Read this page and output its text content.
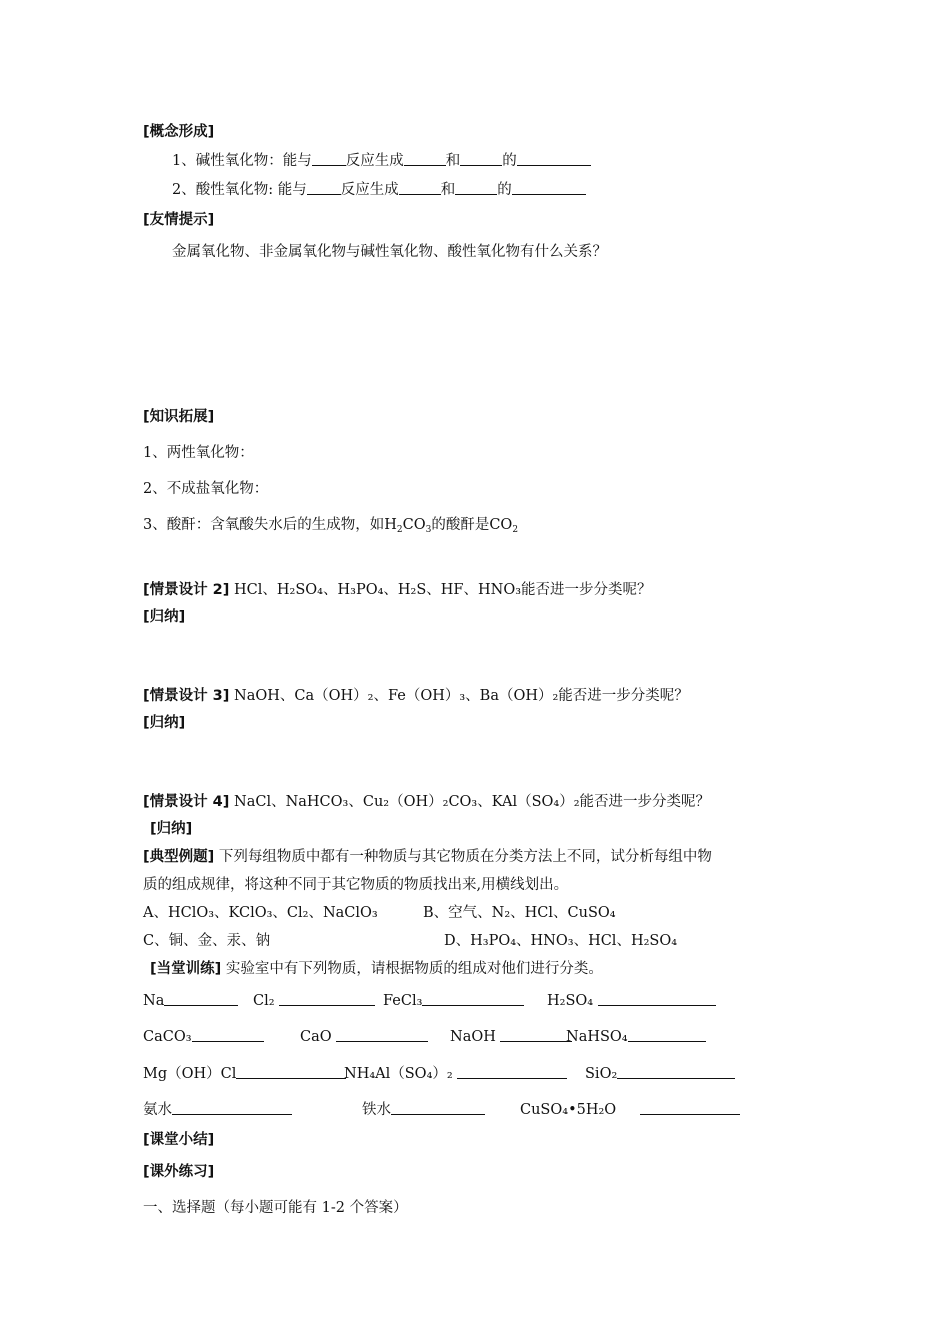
[概念形成]
1、碱性氧化物：能与 反应生成	和	的
2、酸性氧化物: 能与 反应生成	和	的
[友情提示]
金属氧化物、非金属氧化物与碱性氧化物、酸性氧化物有什么关系？
[知识拓展]
1、两性氧化物：
2、不成盐氧化物：
3、酸酐：含氧酸失水后的生成物，如$H_2CO_3$的酸酐是$CO_2$
[情景设计 2] HCl、H₂SO₄、H₃PO₄、H₂S、HF、HNO₃能否进一步分类呢？
[归纳]
[情景设计 3] NaOH、Ca（OH）₂、Fe（OH）₃、Ba（OH）₂能否进一步分类呢？
[归纳]
[情景设计 4] NaCl、NaHCO₃、Cu₂（OH）₂CO₃、KAl（SO₄）₂能否进一步分类呢？
[归纳]
[典型例题] 下列每组物质中都有一种物质与其它物质在分类方法上不同，试分析每组中物
质的组成规律，将这种不同于其它物质的物质找出来,用横线划出。
A、HClO₃、KClO₃、Cl₂、NaClO₃	B、空气、N₂、HCl、CuSO₄
C、铜、金、汞、钠	D、H₃PO₄、HNO₃、HCl、H₂SO₄
[当堂训练] 实验室中有下列物质，请根据物质的组成对他们进行分类。
Na	Cl₂	FeCl₃	H₂SO₄
CaCO₃	CaO	NaOH	NaHSO₄
Mg（OH）Cl	NH₄Al（SO₄）₂	SiO₂
氨水	铁水	CuSO₄•5H₂O
[课堂小结]
[课外练习]
一、选择题（每小题可能有 1-2 个答案）
